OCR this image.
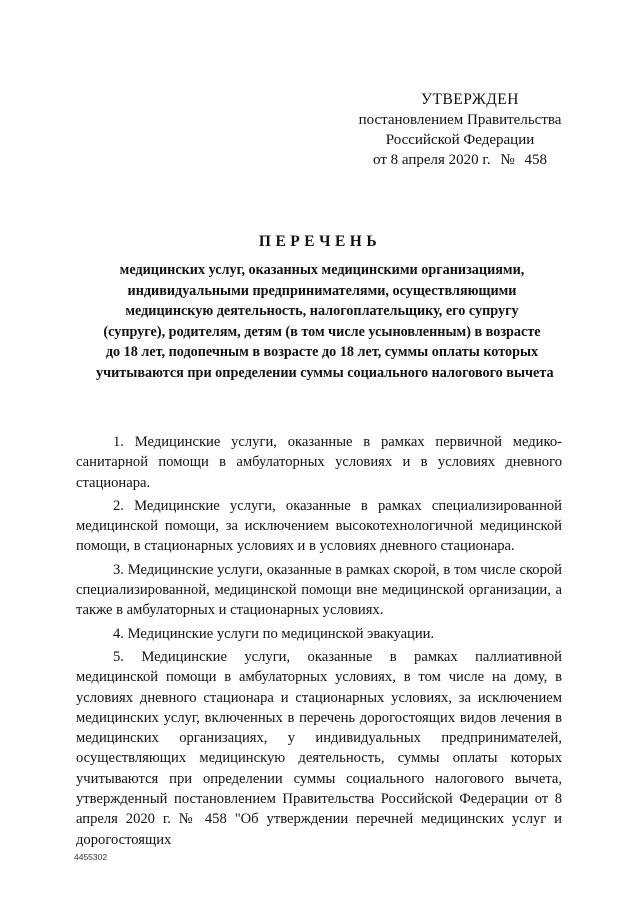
УТВЕРЖДЕН
постановлением Правительства
Российской Федерации
от 8 апреля 2020 г. № 458
ПЕРЕЧЕНЬ
медицинских услуг, оказанных медицинскими организациями,
индивидуальными предпринимателями, осуществляющими
медицинскую деятельность, налогоплательщику, его супругу
(супруге), родителям, детям (в том числе усыновленным) в возрасте
до 18 лет, подопечным в возрасте до 18 лет, суммы оплаты которых
учитываются при определении суммы социального налогового вычета

1. Медицинские услуги, оказанные в рамках первичной медико-санитарной помощи в амбулаторных условиях и в условиях дневного стационара.

2. Медицинские услуги, оказанные в рамках специализированной медицинской помощи, за исключением высокотехнологичной медицинской помощи, в стационарных условиях и в условиях дневного стационара.

3. Медицинские услуги, оказанные в рамках скорой, в том числе скорой специализированной, медицинской помощи вне медицинской организации, а также в амбулаторных и стационарных условиях.

4. Медицинские услуги по медицинской эвакуации.

5. Медицинские услуги, оказанные в рамках паллиативной медицинской помощи в амбулаторных условиях, в том числе на дому, в условиях дневного стационара и стационарных условиях, за исключением медицинских услуг, включенных в перечень дорогостоящих видов лечения в медицинских организациях, у индивидуальных предпринимателей, осуществляющих медицинскую деятельность, суммы оплаты которых учитываются при определении суммы социального налогового вычета, утвержденный постановлением Правительства Российской Федерации от 8 апреля 2020 г. № 458 "Об утверждении перечней медицинских услуг и дорогостоящих

4455302
